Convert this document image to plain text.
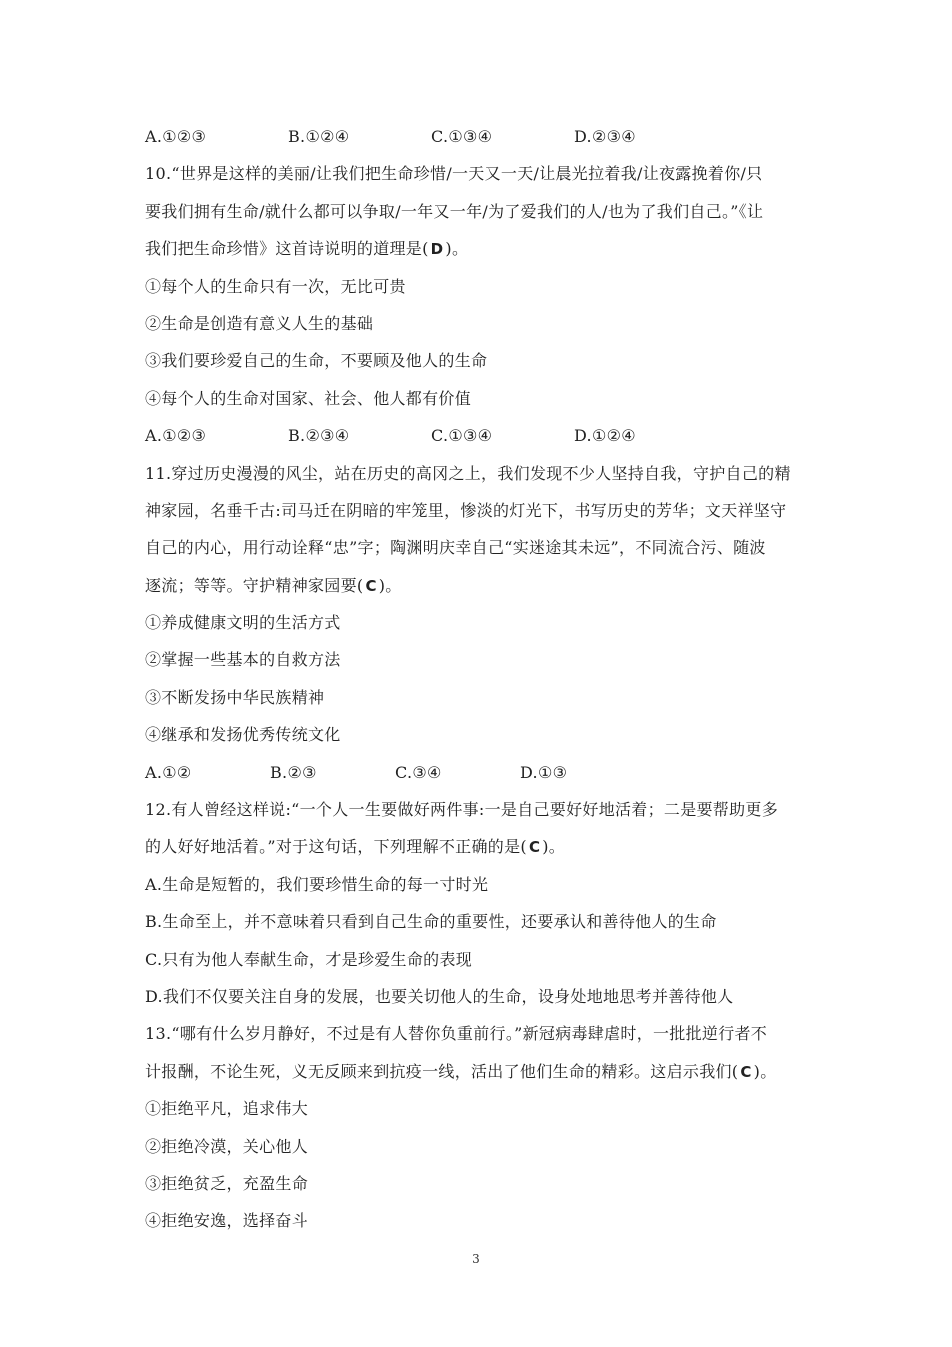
A.①②③	B.①②④	C.①③④	D.②③④
10.“世界是这样的美丽/让我们把生命珍惜/一天又一天/让晨光拉着我/让夜露挽着你/只
要我们拥有生命/就什么都可以争取/一年又一年/为了爱我们的人/也为了我们自己。”《让
我们把生命珍惜》这首诗说明的道理是( D )。
①每个人的生命只有一次，无比可贵
②生命是创造有意义人生的基础
③我们要珍爱自己的生命，不要顾及他人的生命
④每个人的生命对国家、社会、他人都有价值
A.①②③	B.②③④	C.①③④	D.①②④
11.穿过历史漫漫的风尘，站在历史的高冈之上，我们发现不少人坚持自我，守护自己的精
神家园，名垂千古:司马迁在阴暗的牢笼里，惨淡的灯光下，书写历史的芳华；文天祥坚守
自己的内心，用行动诠释“忠”字；陶渊明庆幸自己“实迷途其未远”，不同流合污、随波
逐流；等等。守护精神家园要( C )。
①养成健康文明的生活方式
②掌握一些基本的自救方法
③不断发扬中华民族精神
④继承和发扬优秀传统文化
A.①②	B.②③	C.③④	D.①③
12.有人曾经这样说:“一个人一生要做好两件事:一是自己要好好地活着；二是要帮助更多
的人好好地活着。”对于这句话，下列理解不正确的是( C )。
A.生命是短暂的，我们要珍惜生命的每一寸时光
B.生命至上，并不意味着只看到自己生命的重要性，还要承认和善待他人的生命
C.只有为他人奉献生命，才是珍爱生命的表现
D.我们不仅要关注自身的发展，也要关切他人的生命，设身处地地思考并善待他人
13.“哪有什么岁月静好，不过是有人替你负重前行。”新冠病毒肆虐时，一批批逆行者不
计报酬，不论生死，义无反顾来到抗疫一线，活出了他们生命的精彩。这启示我们( C )。
①拒绝平凡，追求伟大
②拒绝冷漠，关心他人
③拒绝贫乏，充盈生命
④拒绝安逸，选择奋斗
3
